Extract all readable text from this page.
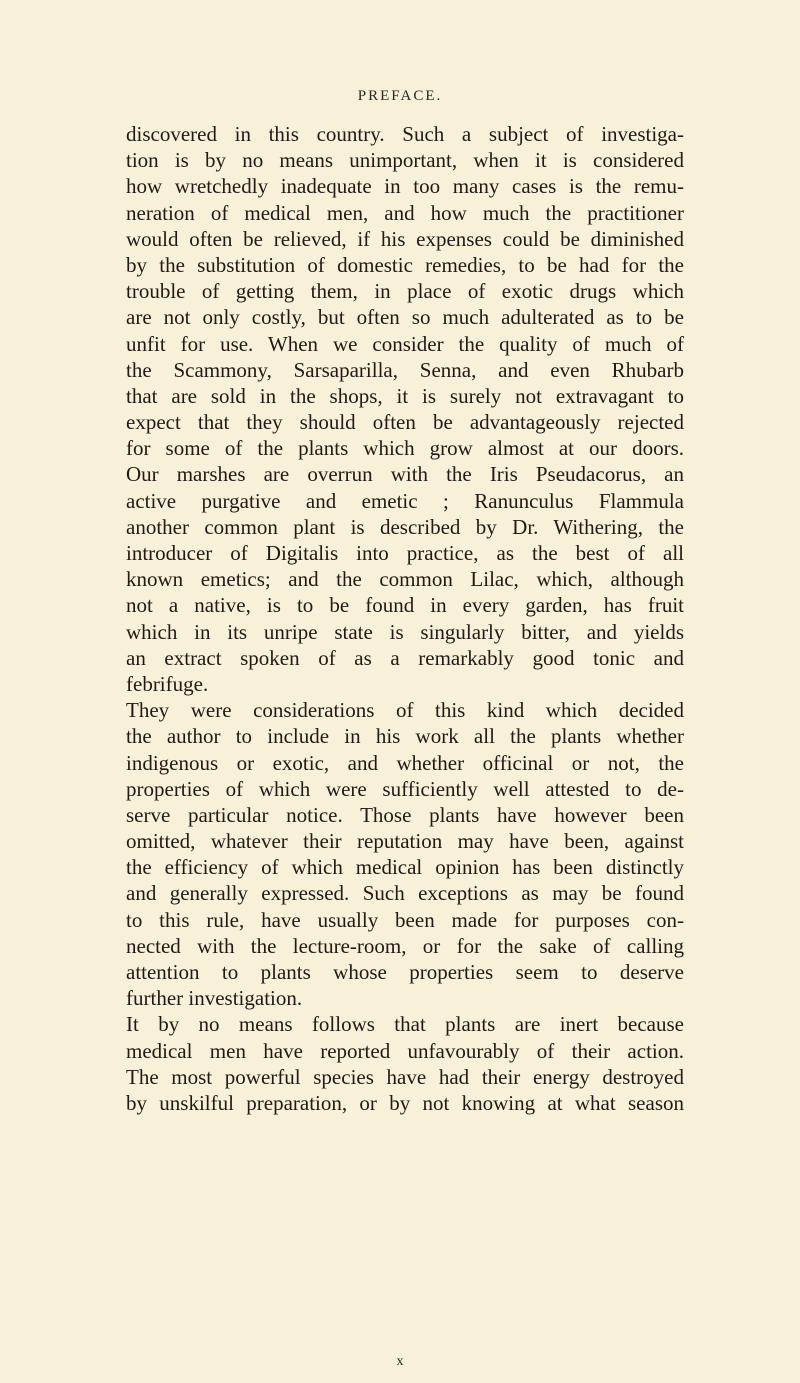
PREFACE.
discovered in this country. Such a subject of investiga-
tion is by no means unimportant, when it is considered
how wretchedly inadequate in too many cases is the remu-
neration of medical men, and how much the practitioner
would often be relieved, if his expenses could be diminished
by the substitution of domestic remedies, to be had for the
trouble of getting them, in place of exotic drugs which
are not only costly, but often so much adulterated as to be
unfit for use. When we consider the quality of much of
the Scammony, Sarsaparilla, Senna, and even Rhubarb
that are sold in the shops, it is surely not extravagant to
expect that they should often be advantageously rejected
for some of the plants which grow almost at our doors.
Our marshes are overrun with the Iris Pseudacorus, an
active purgative and emetic ; Ranunculus Flammula
another common plant is described by Dr. Withering, the
introducer of Digitalis into practice, as the best of all
known emetics; and the common Lilac, which, although
not a native, is to be found in every garden, has fruit
which in its unripe state is singularly bitter, and yields
an extract spoken of as a remarkably good tonic and
febrifuge.
They were considerations of this kind which decided
the author to include in his work all the plants whether
indigenous or exotic, and whether officinal or not, the
properties of which were sufficiently well attested to de-
serve particular notice. Those plants have however been
omitted, whatever their reputation may have been, against
the efficiency of which medical opinion has been distinctly
and generally expressed. Such exceptions as may be found
to this rule, have usually been made for purposes con-
nected with the lecture-room, or for the sake of calling
attention to plants whose properties seem to deserve
further investigation.
It by no means follows that plants are inert because
medical men have reported unfavourably of their action.
The most powerful species have had their energy destroyed
by unskilful preparation, or by not knowing at what season
x
